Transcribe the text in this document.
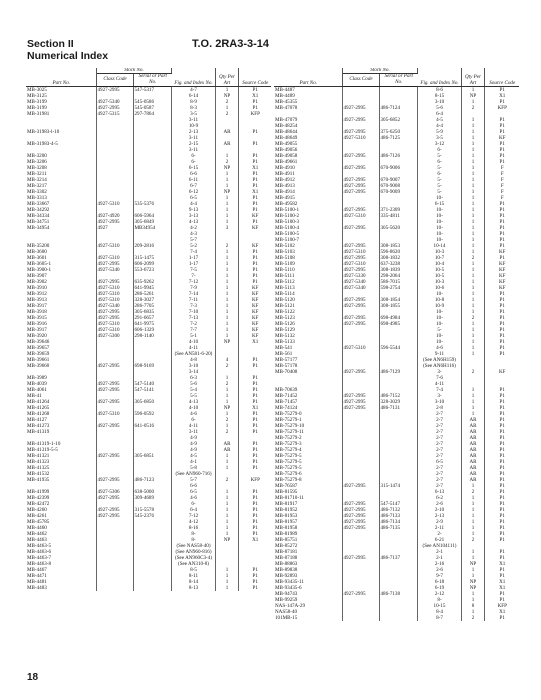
Section II
Numerical Index
T.O. 2RA3-3-14
Part No.	Stock No.		Fig. and Index No.	Qty Per Art	Source Code
	Class Code	Serial or Part No.			
MB-3025	4927-2995	547-5317	4-7	1	P1
MB-3125			6-14	NP	X1
MB-3199	4927-5340	545-0586	8-9	2	P1
MB-3199	4927-2995	545-0587	8-3	1	P1
MB-31981	4927-5315	297-7864	3-5	2	KFP
			3-11		
			10-9		
MB-31983-l-10			2-13	AR	P1
			3-11		
MB-31983-4-5			2-15	AR	P1
			3-11		
MB-3200			6-	1	P1
MB-3206			6-	2	P1
MB-3208			6-15	NP	X1
MB-3211			6-6	1	P1
MB-3214			6-11	1	P1
MB-3217			6-7	1	P1
MB-3302			6-12	NP	X1
MB-3313			6-5	1	P1
MB-33667	4927-5310	535-5376	4-4	1	P1
MB-34292			9-13	1	P1
MB-34334	4927-4920	606-5964	3-13	1	KF
MB-34751	4927-2995	305-6849	4-13	1	P1
MB-34954	4927	MB34954	4-2	3	KF
			4-3		
			5-7		
MB-35200	4927-5310	209-2816	5-2	2	KF
MB-3600			7-4	1	P1
MB-3601	4927-5310	315-1475	1-17	1	P1
MB-3605-1	4927-2995	606-2099	1-17	1	P1
MB-3900-1	4927-5340	553-6723	7-5	1	P1
MB-3907			7-	1	P1
MB-3902	4927-2995	635-9262	7-12	1	P1
MB-3910	4927-5310	641-9945	7-9	1	KF
MB-3912	4927-5310	286-5261	7-14	1	KF
MB-3913	4927-5310	328-3027	7-11	1	KF
MB-3917	4927-5340	286-7705	7-3	1	KF
MB-3918	4927-2995	305-6835	7-10	1	KF
MB-3915	4927-2995	291-6657	7-13	1	KF
MB-3916	4927-5310	641-9975	7-2	1	KF
MB-3917	4927-5310	606-1329	7-7	1	KF
MB-3920	4927-5300	298-1140	5-1	1	KF
MB-39646			4-10	NP	X1
MB-39657			4-11		
MB-39659			(See AN581-6-20)		
MB-39661			4-8	4	P1
MB-39660	4927-2995	698-9169	3-10	2	P1
			3-14		
MB-3989			6-3	1	P1
MB-4039	4927-2995	547-5140	5-6	2	P1
MB-4061	4927-2995	547-5141	5-4	1	P1
MB-41			5-5	1	P1
MB-41264	4927-2995	305-6850	4-13	1	P1
MB-41265			4-10	NP	X1
MB-41268	4927-5310	596-0592	4-6	1	P1
MB-4127			6-	2	P1
MB-41273	4927-2995	641-0516	4-11	1	P1
MB-41319			3-11	2	P1
			4-9		
MB-41319-1-10			4-9	AR	P1
MB-41319-5-5			4-9	AR	P1
MB-41321	4927-2995	305-6851	4-5	1	P1
MB-41323			4-1	1	P1
MB-41325			5-8	1	P1
MB-41532			(See AN960-716)		
MB-41935	4927-2995	486-7123	5-7	2	KFP
			6-6		
MB-41999	4927-5306	638-5000	6-5	1	P1
MB-42399	4927-2995	309-4689	4-6	1	P1
MB-42472			6-	1	P1
MB-4260	4927-2995	315-5578	6-4	1	P1
MB-4261	4927-2995	545-2376	7-12	1	P1
MB-45785			4-12	1	P1
MB-4460			8-16	1	P1
MB-4462			8-	1	P1
MB-4463			8-	NP	X1
MB-4463-5			(See NAS58-40)		
MB-4463-6			(See AN960-816)		
MB-4463-7			(See AN960C3-4)		
MB-4463-8			(See AN310-8)		
MB-4467			8-5	1	P1
MB-4471			8-11	1	P1
MB-4481			8-14	1	P1
MB-4483			8-13	1	P1
Part No.	Stock No.		Fig. and Index No.	Qty Per Art	Source Code
	Class Code	Serial or Part No.			
MB-4487			8-6	1	P1
MB-4489			8-15	NP	X1
MB-45355			3-10	1	P1
MB-47078	4927-2995	486-7124	5-6	2	KFP
			6-4		
MB-47079	4927-2995	305-6852	4-5	1	P1
MB-48254			4-4	1	P1
MB-48644	4927-2995	375-6250	5-9	1	P1
MB-48649	4927-5310	486-7125	3-5	1	KF
MB-49055			3-12	1	P1
MB-49056			6-	1	P1
MB-49058	4927-2995	486-7126	5-	1	P1
MB-49661			6-	1	P1
MB-4910	4927-2995	670-9006	5-	1	F
MB-4911			6-	1	F
MB-4912	4927-2995	670-9007	5-	1	F
MB-4913	4927-2995	670-9008	5-	1	F
MB-4914	4927-2995	670-9009	5-	1	F
MB-4915			10-	1	F
MB-49582			6-15	1	P1
MB-5100-1	4927-2995	371-2309	10-	1	P1
MB-5100-2	4927-5310	335-4811	10-	1	P1
MB-5100-3			10-	1	P1
MB-5100-4	4927-2995	305-5620	10-	1	P1
MB-5100-5			10-	1	P1
MB-5100-7			10-	1	P1
MB-5102	4927-2995	308-1853	10-14	1	P1
MB-5103	4927-5310	596-8620	10-3	1	KF
MB-5108	4927-2995	308-1832	10-7	2	P1
MB-5109	4927-5310	637-3238	10-4	1	KF
MB-5110	4927-2995	308-1839	10-5	1	KF
MB-5111	4927-5330	298-2064	10-5	1	KF
MB-5112	4927-5340	586-7015	10-3	1	KF
MB-5113	4927-5340	598-2754	10-6	1	KF
MB-5114			10-	1	P1
MB-5120	4927-2995	308-1854	10-8	1	P1
MB-5121	4927-2995	308-1855	10-9	1	P1
MB-5122			10-	1	P1
MB-5123	4927-2995	698-4984	10-	2	P1
MB-5126	4927-2995	698-4985	10-	1	P1
MB-5129			5-	1	P1
MB-5132			10-	1	P1
MB-5133			10-	1	P1
MB-541	4927-5310	596-5544	4-6	1	P1
MB-561			9-11	1	P1
MB-57177			(See AN6H159)		
MB-57178			(See AN6H116)		
MB-70408	4927-2995	486-7129	3-	2	KF
			7-6		
			4-11		
MB-70639			7-4	1	P1
MB-71452	4927-2995	486-7152	3-	1	P1
MB-71457	4927-2995	328-3029	3-10	1	P1
MB-74124	4927-2995	486-7131	2-8	1	P1
MB-75279-0			2-7	1	P1
MB-75279-1			2-7	AR	P1
MB-75279-10			2-7	AR	P1
MB-75279-11			2-7	AR	P1
MB-75279-2			2-7	AR	P1
MB-75279-3			2-7	AR	P1
MB-75279-4			2-7	AR	P1
MB-75279-5			2-7	AR	P1
MB-75279-5			6-5	AR	P1
MB-75279-5			2-7	AR	P1
MB-75279-6			2-7	AR	P1
MB-75279-8			2-7	AR	P1
MB-76587	4927-2995	315-1474	2-7	1	P1
MB-81595			6-13	2	P1
MB-81710-11			6-2	1	P1
MB-81917	4927-2995	547-5147	2-6	1	P1
MB-81952	4927-2995	486-7132	2-10	1	P1
MB-81953	4927-2995	486-7133	2-13	1	P1
MB-81957	4927-2995	486-7134	2-9	1	P1
MB-81958	4927-2995	486-7135	2-11	1	P1
MB-81989			2-	1	P1
MB-85751			6-21	2	P1
MB-85272			(See AN104111)		
MB-87181			2-1	1	P1
MB-87188	4927-2995	486-7137	2-1	1	P1
MB-88863			2-16	NP	X1
MB-89838			2-6	1	P1
MB-92893			9-7	1	P1
MB-93435-11			6-18	NP	X1
MB-93435-6			6-19	NP	X1
MB-94743	4927-2995	486-7138	2-12	1	P1
MB-99259			8-	1	P1
NAS-147A-29			10-15	8	KFP
NAS58-40			8-4	1	X1
101MB-15			8-7	2	P1
18
